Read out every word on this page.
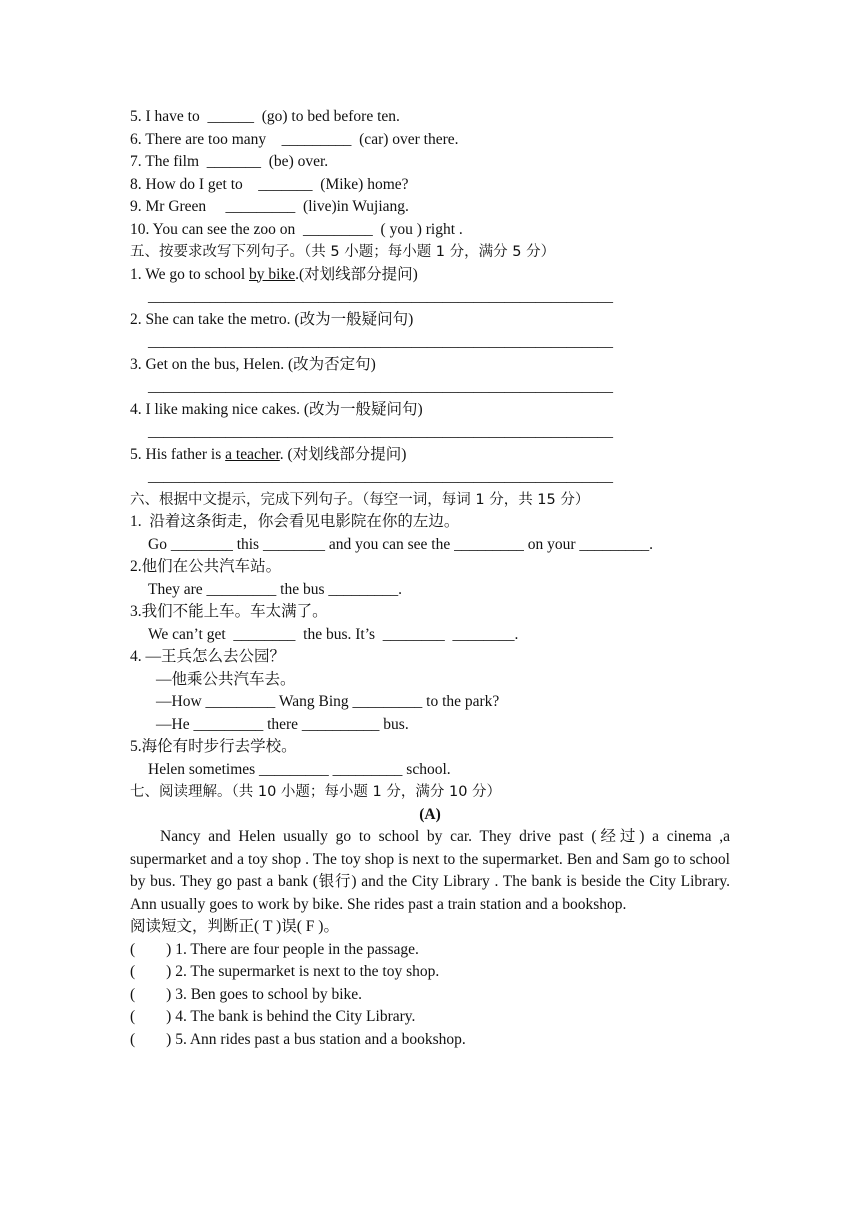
5. I have to  ______  (go) to bed before ten.
6. There are too many    _________  (car) over there.
7. The film  _______  (be) over.
8. How do I get to    _______  (Mike) home?
9. Mr Green     _________  (live)in Wujiang.
10. You can see the zoo on  _________  ( you ) right .
五、按要求改写下列句子。（共 5 小题；每小题 1 分，满分 5 分）
1. We go to school by bike.(对划线部分提问)
____________________________________________________________
2. She can take the metro. (改为一般疑问句)
____________________________________________________________
3. Get on the bus, Helen. (改为否定句)
____________________________________________________________
4. I like making nice cakes. (改为一般疑问句)
____________________________________________________________
5. His father is a teacher. (对划线部分提问)
____________________________________________________________
六、根据中文提示，完成下列句子。（每空一词，每词 1 分，共 15 分）
1.  沿着这条街走，你会看见电影院在你的左边。
Go ________ this ________ and you can see the _________ on your _________.
2.他们在公共汽车站。
They are _________ the bus _________.
3.我们不能上车。车太满了。
We can’t get  ________  the bus. It’s  ________  ________.
4. —王兵怎么去公园？
—他乘公共汽车去。
—How _________ Wang Bing _________ to the park?
—He _________ there __________ bus.
5.海伦有时步行去学校。
Helen sometimes _________ _________ school.
七、阅读理解。（共 10 小题；每小题 1 分，满分 10 分）
(A)
Nancy and Helen usually go to school by car. They drive past (经过) a cinema ,a supermarket and a toy shop . The toy shop is next to the supermarket. Ben and Sam go to school by bus. They go past a bank (银行) and the City Library . The bank is beside the City Library. Ann usually goes to work by bike. She rides past a train station and a bookshop.
阅读短文，判断正( T )误( F )。
(        ) 1. There are four people in the passage.
(        ) 2. The supermarket is next to the toy shop.
(        ) 3. Ben goes to school by bike.
(        ) 4. The bank is behind the City Library.
(        ) 5. Ann rides past a bus station and a bookshop.
